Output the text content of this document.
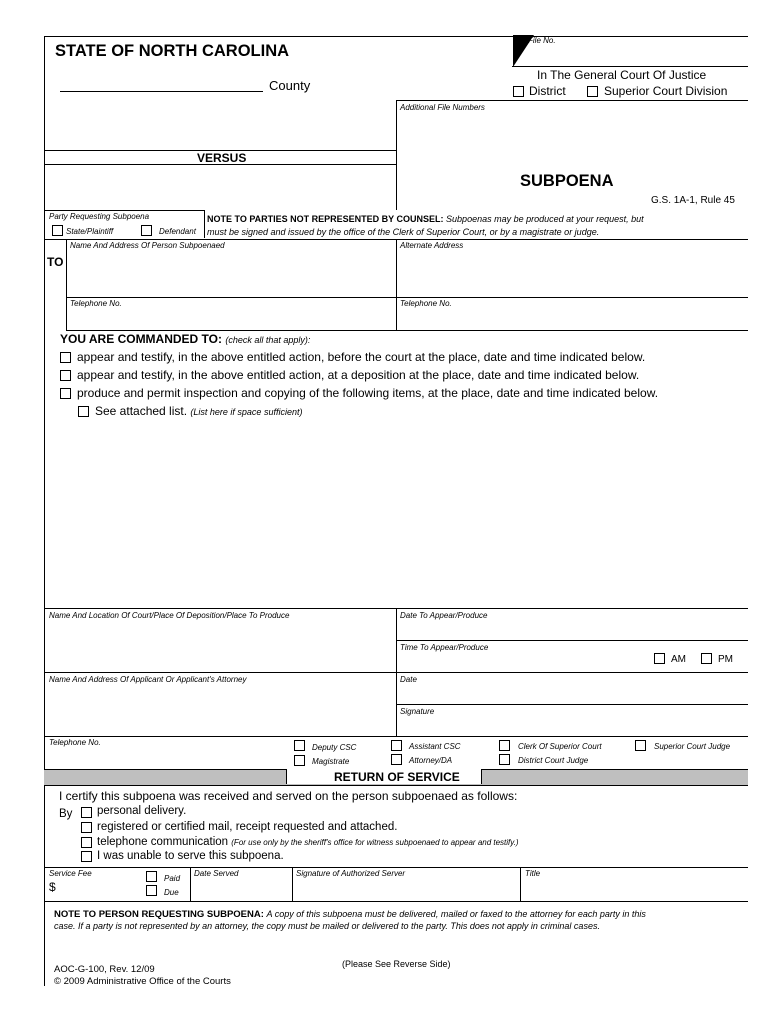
STATE OF NORTH CAROLINA
File No.
County
In The General Court Of Justice
District	Superior Court Division
Additional File Numbers
VERSUS
SUBPOENA
G.S. 1A-1, Rule 45
Party Requesting Subpoena
State/Plaintiff	Defendant
NOTE TO PARTIES NOT REPRESENTED BY COUNSEL: Subpoenas may be produced at your request, but
must be signed and issued by the office of the Clerk of Superior Court, or by a magistrate or judge.
TO
Name And Address Of Person Subpoenaed	Alternate Address
Telephone No.	Telephone No.
YOU ARE COMMANDED TO: (check all that apply):
appear and testify, in the above entitled action, before the court at the place, date and time indicated below.
appear and testify, in the above entitled action, at a deposition at the place, date and time indicated below.
produce and permit inspection and copying of the following items, at the place, date and time indicated below.
See attached list. (List here if space sufficient)
Name And Location Of Court/Place Of Deposition/Place To Produce	Date To Appear/Produce
Time To Appear/Produce
AM	PM
Name And Address Of Applicant Or Applicant's Attorney	Date
Signature
Telephone No.
Deputy CSC
Magistrate
Assistant CSC
Attorney/DA
Clerk Of Superior Court
District Court Judge
Superior Court Judge
RETURN OF SERVICE
I certify this subpoena was received and served on the person subpoenaed as follows:
By personal delivery.
registered or certified mail, receipt requested and attached.
telephone communication (For use only by the sheriff's office for witness subpoenaed to appear and testify.)
I was unable to serve this subpoena.
Service Fee
$
Paid
Due
Date Served	Signature of Authorized Server	Title
NOTE TO PERSON REQUESTING SUBPOENA: A copy of this subpoena must be delivered, mailed or faxed to the attorney for each party in this
case. If a party is not represented by an attorney, the copy must be mailed or delivered to the party. This does not apply in criminal cases.
(Please See Reverse Side)
AOC-G-100, Rev. 12/09
© 2009 Administrative Office of the Courts
